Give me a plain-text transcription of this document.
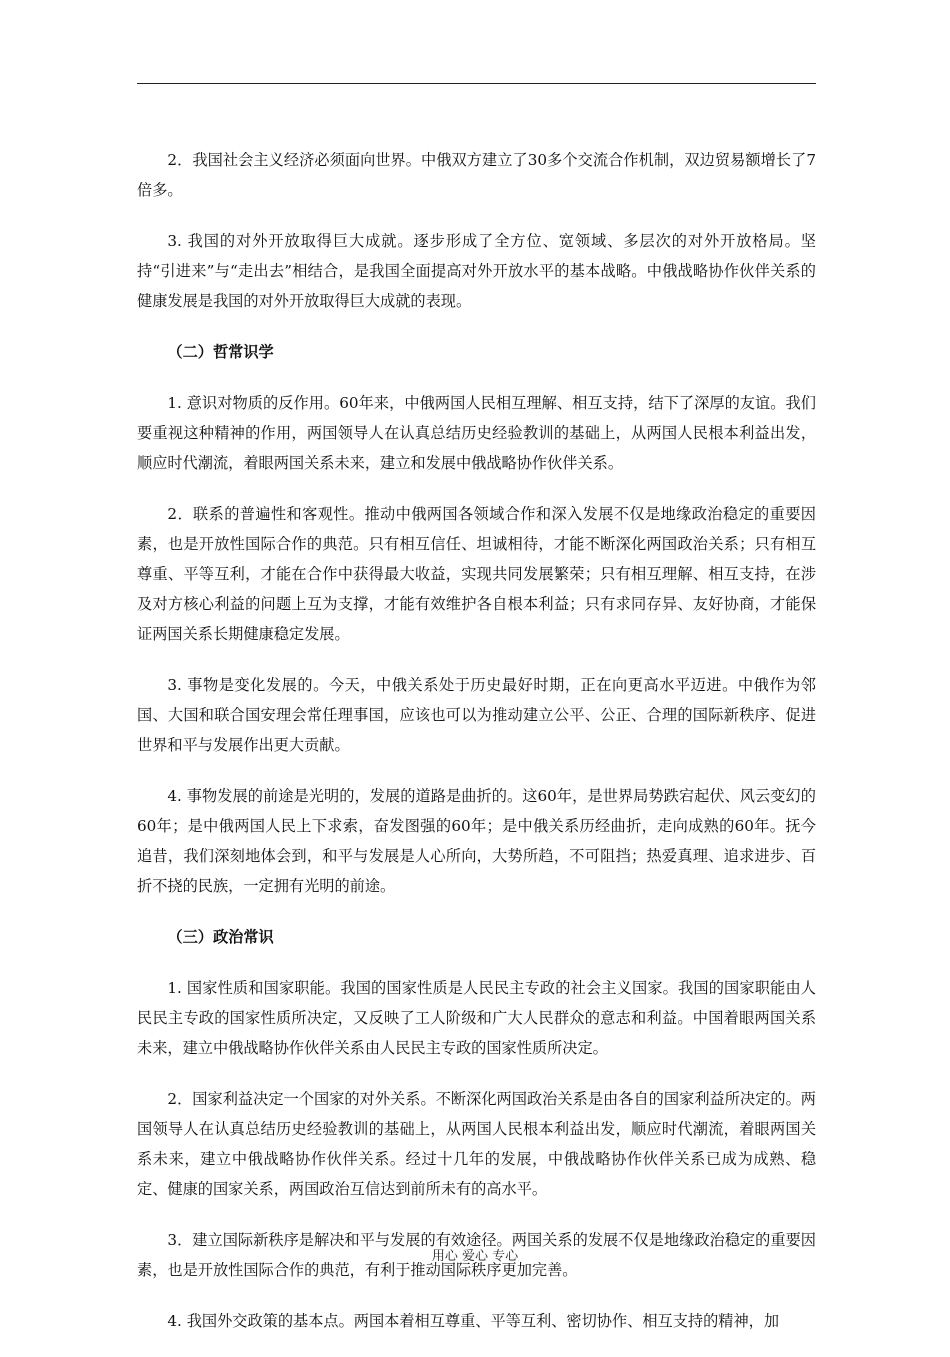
2．我国社会主义经济必须面向世界。中俄双方建立了30多个交流合作机制，双边贸易额增长了7倍多。

3. 我国的对外开放取得巨大成就。逐步形成了全方位、宽领域、多层次的对外开放格局。坚持“引进来”与“走出去”相结合，是我国全面提高对外开放水平的基本战略。中俄战略协作伙伴关系的健康发展是我国的对外开放取得巨大成就的表现。

（二）哲常识学

1. 意识对物质的反作用。60年来，中俄两国人民相互理解、相互支持，结下了深厚的友谊。我们要重视这种精神的作用，两国领导人在认真总结历史经验教训的基础上，从两国人民根本利益出发，顺应时代潮流，着眼两国关系未来，建立和发展中俄战略协作伙伴关系。

2．联系的普遍性和客观性。推动中俄两国各领域合作和深入发展不仅是地缘政治稳定的重要因素，也是开放性国际合作的典范。只有相互信任、坦诚相待，才能不断深化两国政治关系；只有相互尊重、平等互利，才能在合作中获得最大收益，实现共同发展繁荣；只有相互理解、相互支持，在涉及对方核心利益的问题上互为支撑，才能有效维护各自根本利益；只有求同存异、友好协商，才能保证两国关系长期健康稳定发展。

3. 事物是变化发展的。今天，中俄关系处于历史最好时期，正在向更高水平迈进。中俄作为邻国、大国和联合国安理会常任理事国，应该也可以为推动建立公平、公正、合理的国际新秩序、促进世界和平与发展作出更大贡献。

4. 事物发展的前途是光明的，发展的道路是曲折的。这60年，是世界局势跌宕起伏、风云变幻的60年；是中俄两国人民上下求索，奋发图强的60年；是中俄关系历经曲折，走向成熟的60年。抚今追昔，我们深刻地体会到，和平与发展是人心所向，大势所趋，不可阻挡；热爱真理、追求进步、百折不挠的民族，一定拥有光明的前途。

（三）政治常识

1. 国家性质和国家职能。我国的国家性质是人民民主专政的社会主义国家。我国的国家职能由人民民主专政的国家性质所决定，又反映了工人阶级和广大人民群众的意志和利益。中国着眼两国关系未来，建立中俄战略协作伙伴关系由人民民主专政的国家性质所决定。

2．国家利益决定一个国家的对外关系。不断深化两国政治关系是由各自的国家利益所决定的。两国领导人在认真总结历史经验教训的基础上，从两国人民根本利益出发，顺应时代潮流，着眼两国关系未来，建立中俄战略协作伙伴关系。经过十几年的发展，中俄战略协作伙伴关系已成为成熟、稳定、健康的国家关系，两国政治互信达到前所未有的高水平。

3．建立国际新秩序是解决和平与发展的有效途径。两国关系的发展不仅是地缘政治稳定的重要因素，也是开放性国际合作的典范，有利于推动国际秩序更加完善。

4. 我国外交政策的基本点。两国本着相互尊重、平等互利、密切协作、相互支持的精神，加

用心 爱心 专心
